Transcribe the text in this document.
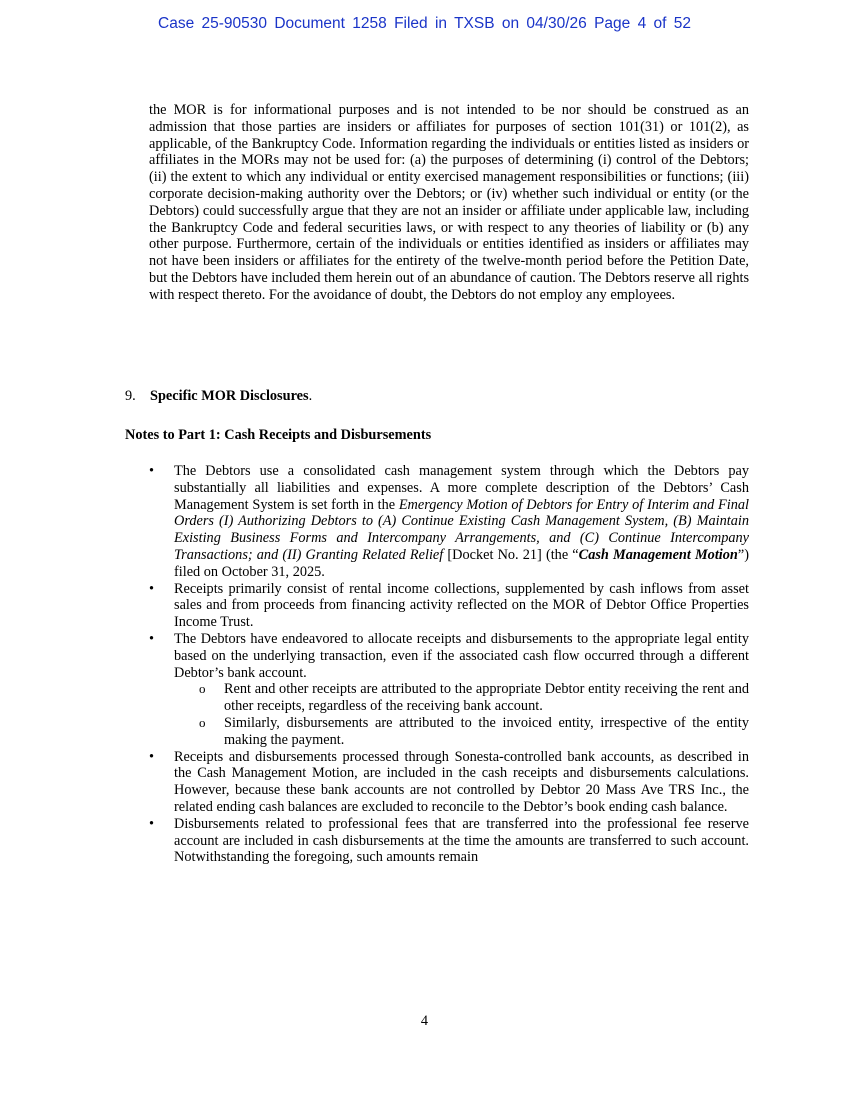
Case 25-90530 Document 1258 Filed in TXSB on 04/30/26 Page 4 of 52

the MOR is for informational purposes and is not intended to be nor should be construed as an admission that those parties are insiders or affiliates for purposes of section 101(31) or 101(2), as applicable, of the Bankruptcy Code. Information regarding the individuals or entities listed as insiders or affiliates in the MORs may not be used for: (a) the purposes of determining (i) control of the Debtors; (ii) the extent to which any individual or entity exercised management responsibilities or functions; (iii) corporate decision-making authority over the Debtors; or (iv) whether such individual or entity (or the Debtors) could successfully argue that they are not an insider or affiliate under applicable law, including the Bankruptcy Code and federal securities laws, or with respect to any theories of liability or (b) any other purpose. Furthermore, certain of the individuals or entities identified as insiders or affiliates may not have been insiders or affiliates for the entirety of the twelve-month period before the Petition Date, but the Debtors have included them herein out of an abundance of caution. The Debtors reserve all rights with respect thereto. For the avoidance of doubt, the Debtors do not employ any employees.

9. Specific MOR Disclosures.
Notes to Part 1: Cash Receipts and Disbursements
• The Debtors use a consolidated cash management system through which the Debtors pay substantially all liabilities and expenses. A more complete description of the Debtors’ Cash Management System is set forth in the Emergency Motion of Debtors for Entry of Interim and Final Orders (I) Authorizing Debtors to (A) Continue Existing Cash Management System, (B) Maintain Existing Business Forms and Intercompany Arrangements, and (C) Continue Intercompany Transactions; and (II) Granting Related Relief [Docket No. 21] (the “Cash Management Motion”) filed on October 31, 2025.
• Receipts primarily consist of rental income collections, supplemented by cash inflows from asset sales and from proceeds from financing activity reflected on the MOR of Debtor Office Properties Income Trust.
• The Debtors have endeavored to allocate receipts and disbursements to the appropriate legal entity based on the underlying transaction, even if the associated cash flow occurred through a different Debtor’s bank account.
o Rent and other receipts are attributed to the appropriate Debtor entity receiving the rent and other receipts, regardless of the receiving bank account.
o Similarly, disbursements are attributed to the invoiced entity, irrespective of the entity making the payment.
• Receipts and disbursements processed through Sonesta-controlled bank accounts, as described in the Cash Management Motion, are included in the cash receipts and disbursements calculations. However, because these bank accounts are not controlled by Debtor 20 Mass Ave TRS Inc., the related ending cash balances are excluded to reconcile to the Debtor’s book ending cash balance.
• Disbursements related to professional fees that are transferred into the professional fee reserve account are included in cash disbursements at the time the amounts are transferred to such account. Notwithstanding the foregoing, such amounts remain
4
